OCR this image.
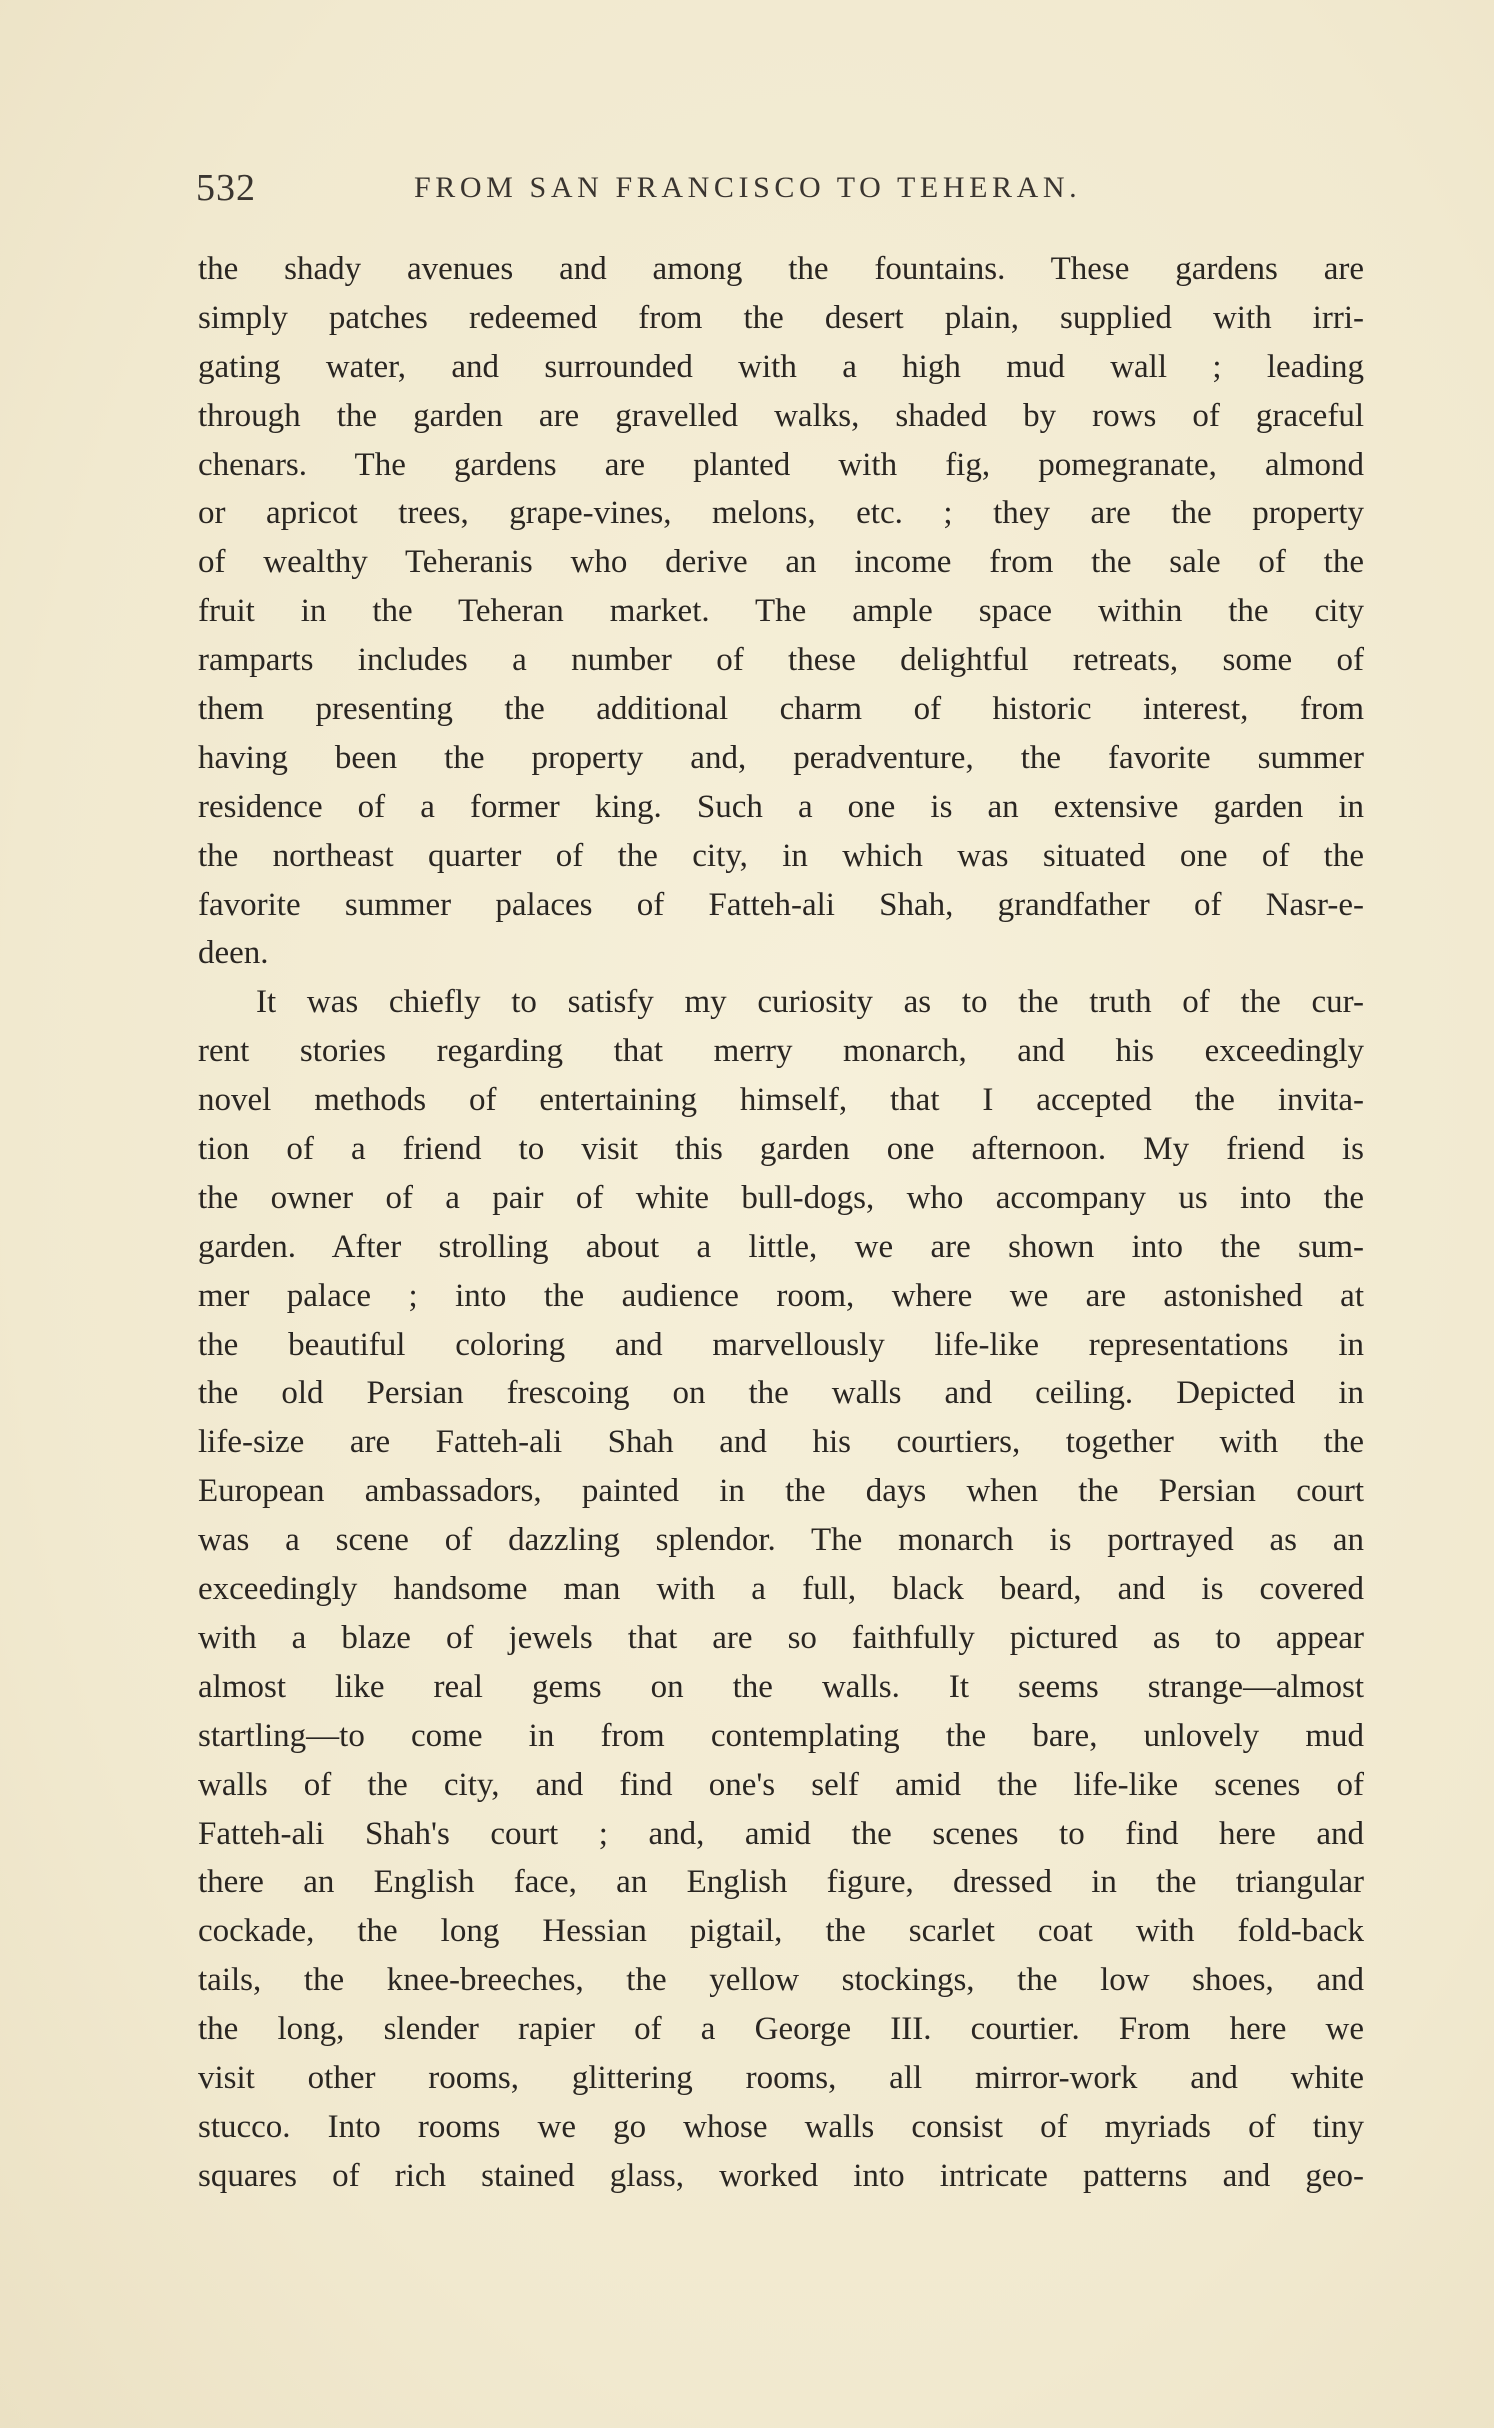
532	FROM SAN FRANCISCO TO TEHERAN.
the shady avenues and among the fountains. These gardens are
simply patches redeemed from the desert plain, supplied with irri-
gating water, and surrounded with a high mud wall ; leading
through the garden are gravelled walks, shaded by rows of graceful
chenars. The gardens are planted with fig, pomegranate, almond
or apricot trees, grape-vines, melons, etc. ; they are the property
of wealthy Teheranis who derive an income from the sale of the
fruit in the Teheran market. The ample space within the city
ramparts includes a number of these delightful retreats, some of
them presenting the additional charm of historic interest, from
having been the property and, peradventure, the favorite summer
residence of a former king. Such a one is an extensive garden in
the northeast quarter of the city, in which was situated one of the
favorite summer palaces of Fatteh-ali Shah, grandfather of Nasr-e-
deen.
It was chiefly to satisfy my curiosity as to the truth of the cur-
rent stories regarding that merry monarch, and his exceedingly
novel methods of entertaining himself, that I accepted the invita-
tion of a friend to visit this garden one afternoon. My friend is
the owner of a pair of white bull-dogs, who accompany us into the
garden. After strolling about a little, we are shown into the sum-
mer palace ; into the audience room, where we are astonished at
the beautiful coloring and marvellously life-like representations in
the old Persian frescoing on the walls and ceiling. Depicted in
life-size are Fatteh-ali Shah and his courtiers, together with the
European ambassadors, painted in the days when the Persian court
was a scene of dazzling splendor. The monarch is portrayed as an
exceedingly handsome man with a full, black beard, and is covered
with a blaze of jewels that are so faithfully pictured as to appear
almost like real gems on the walls. It seems strange—almost
startling—to come in from contemplating the bare, unlovely mud
walls of the city, and find one's self amid the life-like scenes of
Fatteh-ali Shah's court ; and, amid the scenes to find here and
there an English face, an English figure, dressed in the triangular
cockade, the long Hessian pigtail, the scarlet coat with fold-back
tails, the knee-breeches, the yellow stockings, the low shoes, and
the long, slender rapier of a George III. courtier. From here we
visit other rooms, glittering rooms, all mirror-work and white
stucco. Into rooms we go whose walls consist of myriads of tiny
squares of rich stained glass, worked into intricate patterns and geo-
